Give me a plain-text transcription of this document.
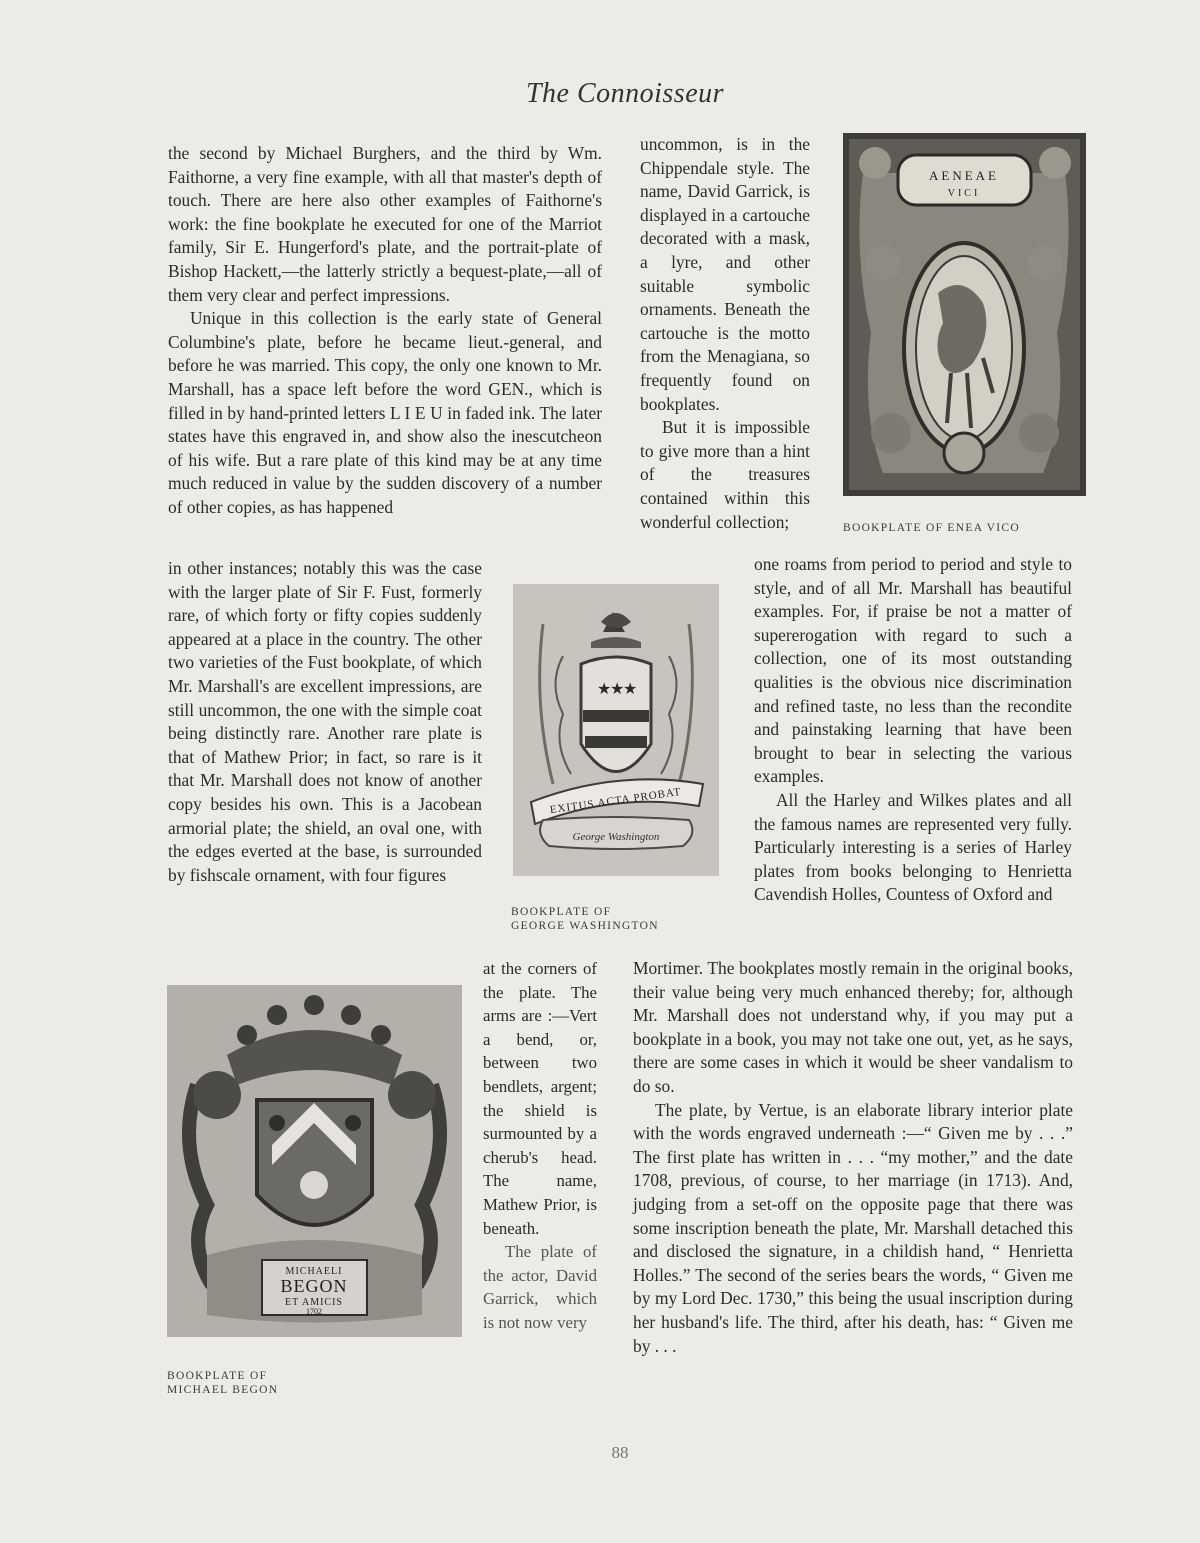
The Connoisseur

the second by Michael Burghers, and the third by Wm. Faithorne, a very fine example, with all that master's depth of touch. There are here also other examples of Faithorne's work: the fine bookplate he executed for one of the Marriot family, Sir E. Hungerford's plate, and the portrait-plate of Bishop Hackett,—the latterly strictly a bequest-plate,—all of them very clear and perfect impressions.

Unique in this collection is the early state of General Columbine's plate, before he became lieut.-general, and before he was married. This copy, the only one known to Mr. Marshall, has a space left before the word GEN., which is filled in by hand-printed letters L I E U in faded ink. The later states have this engraved in, and show also the inescutcheon of his wife. But a rare plate of this kind may be at any time much reduced in value by the sudden discovery of a number of other copies, as has happened

in other instances; notably this was the case with the larger plate of Sir F. Fust, formerly rare, of which forty or fifty copies suddenly appeared at a place in the country. The other two varieties of the Fust bookplate, of which Mr. Marshall's are excellent impressions, are still uncommon, the one with the simple coat being distinctly rare. Another rare plate is that of Mathew Prior; in fact, so rare is it that Mr. Marshall does not know of another copy besides his own. This is a Jacobean armorial plate; the shield, an oval one, with the edges everted at the base, is surrounded by fishscale ornament, with four figures

at the corners of the plate. The arms are :—Vert a bend, or, between two bendlets, argent; the shield is surmounted by a cherub's head. The name, Mathew Prior, is beneath.

The plate of the actor, David Garrick, which is not now very

uncommon, is in the Chippendale style. The name, David Garrick, is displayed in a cartouche decorated with a mask, a lyre, and other suitable symbolic ornaments. Beneath the cartouche is the motto from the Menagiana, so frequently found on bookplates.

But it is impossible to give more than a hint of the treasures contained within this wonderful collection;

one roams from period to period and style to style, and of all Mr. Marshall has beautiful examples. For, if praise be not a matter of supererogation with regard to such a collection, one of its most outstanding qualities is the obvious nice discrimination and refined taste, no less than the recondite and painstaking learning that have been brought to bear in selecting the various examples.

All the Harley and Wilkes plates and all the famous names are represented very fully. Particularly interesting is a series of Harley plates from books belonging to Henrietta Cavendish Holles, Countess of Oxford and

Mortimer. The bookplates mostly remain in the original books, their value being very much enhanced thereby; for, although Mr. Marshall does not understand why, if you may put a bookplate in a book, you may not take one out, yet, as he says, there are some cases in which it would be sheer vandalism to do so.

The plate, by Vertue, is an elaborate library interior plate with the words engraved underneath :—“ Given me by . . .” The first plate has written in . . . “my mother,” and the date 1708, previous, of course, to her marriage (in 1713). And, judging from a set-off on the opposite page that there was some inscription beneath the plate, Mr. Marshall detached this and disclosed the signature, in a childish hand, “ Henrietta Holles.” The second of the series bears the words, “ Given me by my Lord Dec. 1730,” this being the usual inscription during her husband's life. The third, after his death, has: “ Given me by . . .

AENEAE
VICI
BOOKPLATE OF ENEA VICO
★
★
★
EXITUS ACTA PROBAT
George Washington
BOOKPLATE OF
GEORGE WASHINGTON
MICHAELI
BEGON
ET AMICIS
1702
BOOKPLATE OF
MICHAEL BEGON
88
